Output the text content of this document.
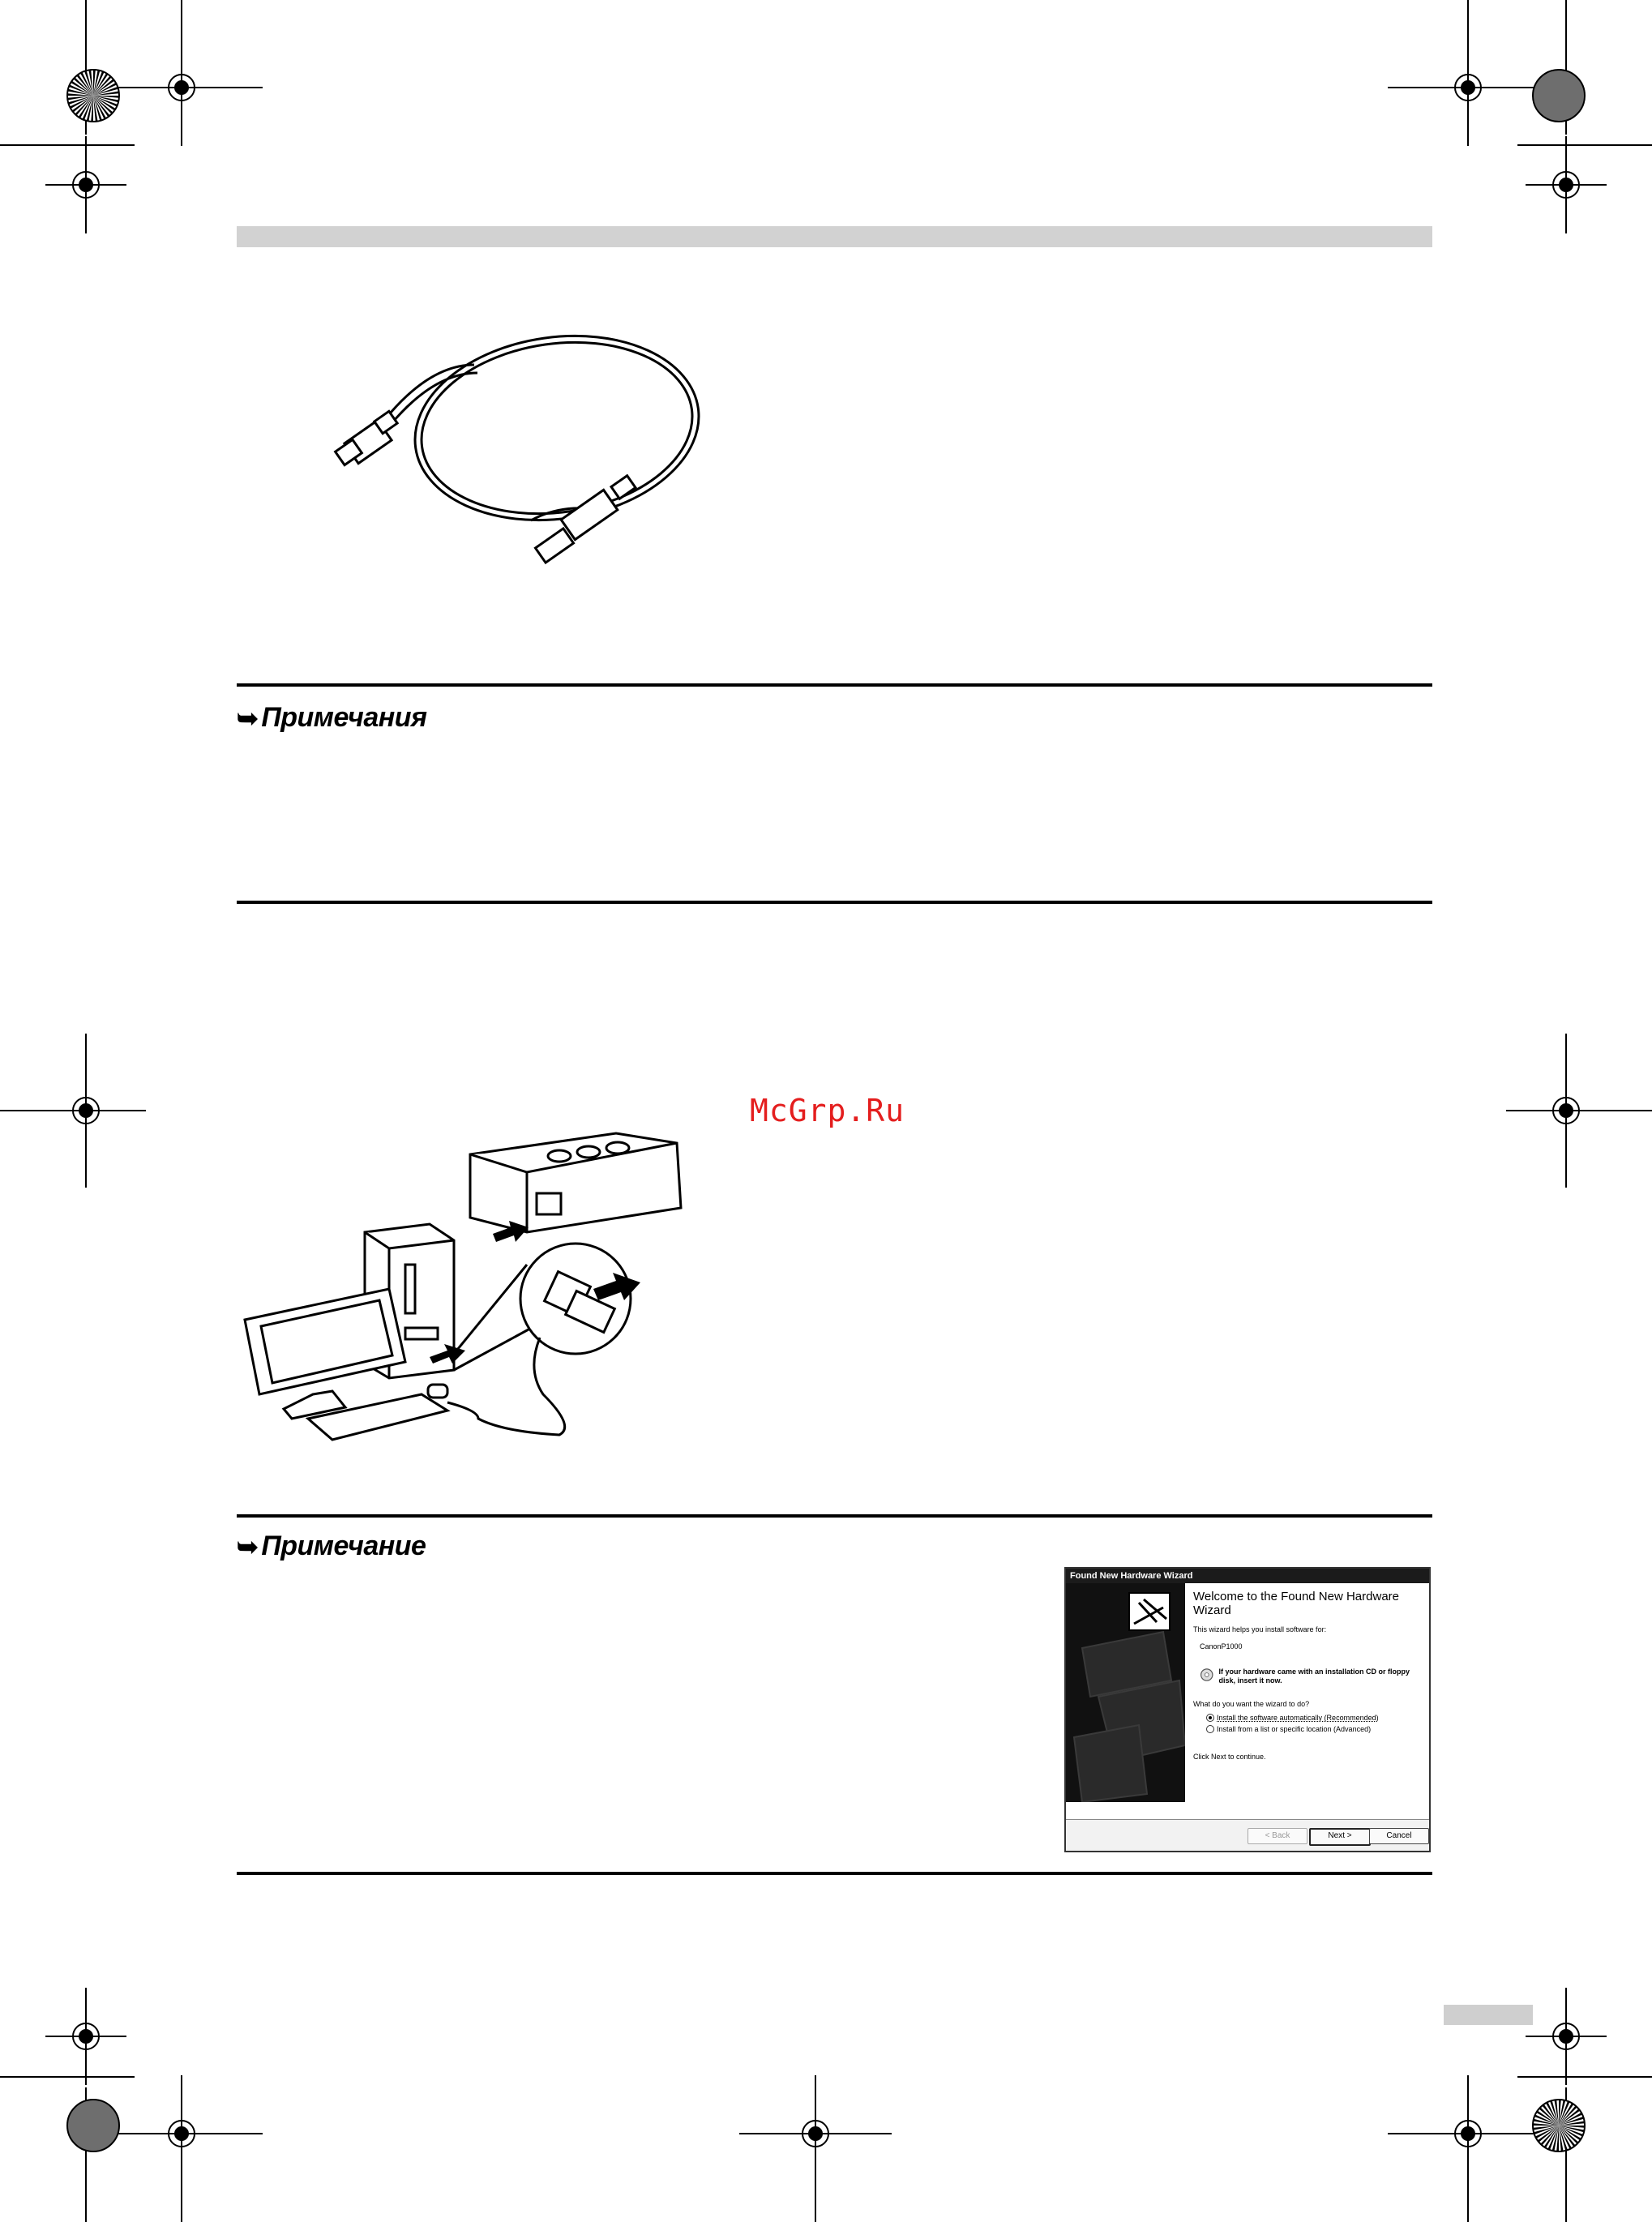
➥ Примечания
McGrp.Ru
➥ Примечание
Found New Hardware Wizard

Welcome to the Found New Hardware Wizard

This wizard helps you install software for:

CanonP1000

If your hardware came with an installation CD or floppy disk, insert it now.

What do you want the wizard to do?

Install the software automatically (Recommended)
Install from a list or specific location (Advanced)

Click Next to continue.

< Back	Next >	Cancel
